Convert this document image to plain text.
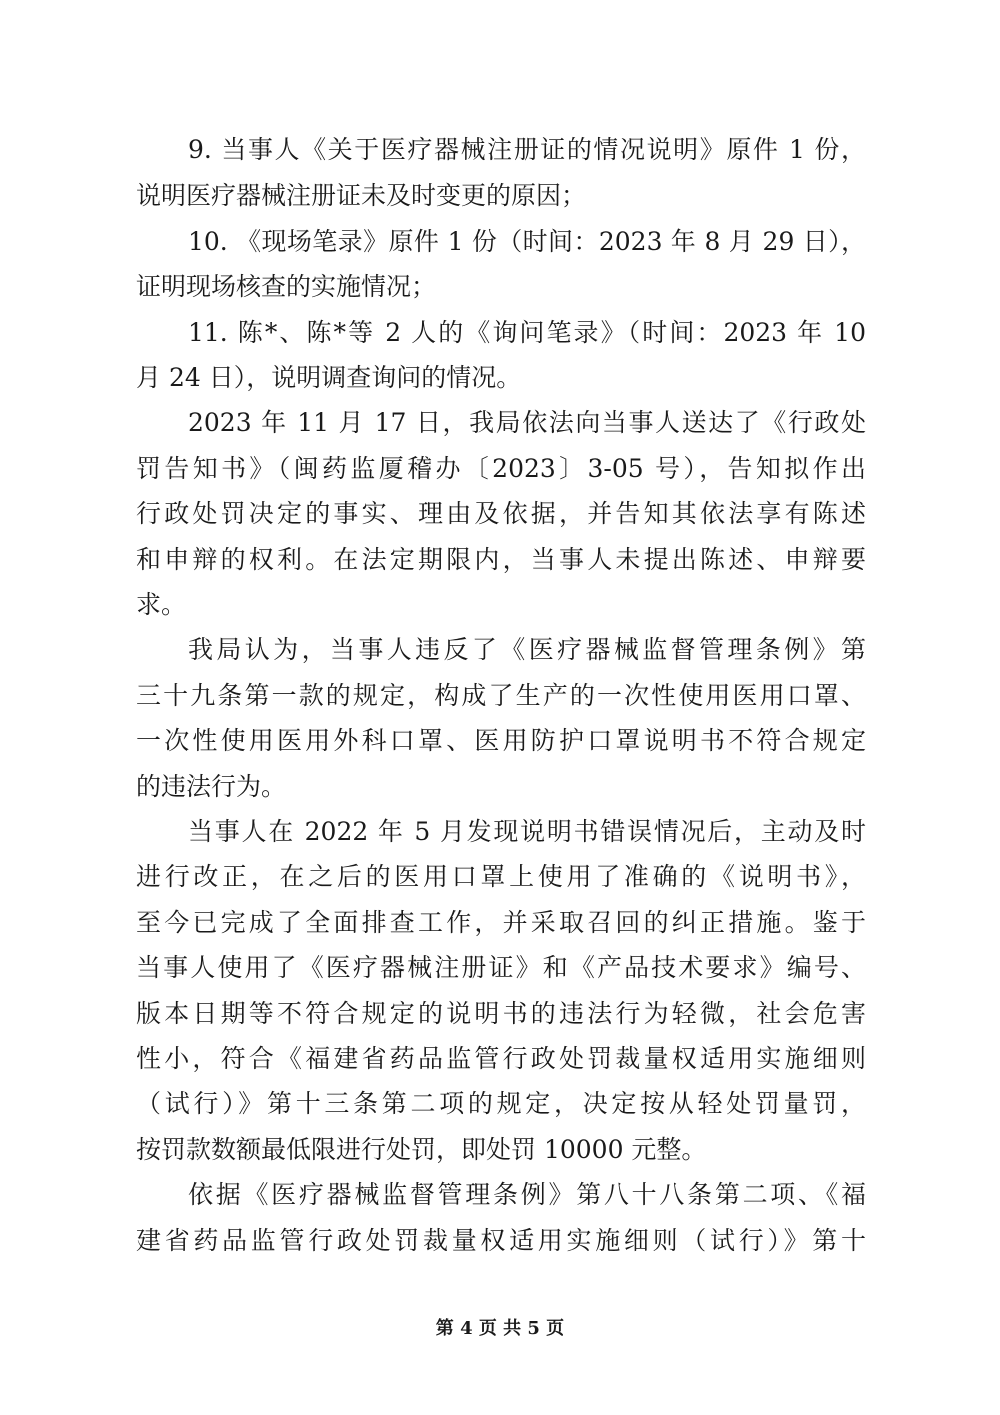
9. 当事人《关于医疗器械注册证的情况说明》原件 1 份，
说明医疗器械注册证未及时变更的原因；
10. 《现场笔录》原件 1 份（时间：2023 年 8 月 29 日），
证明现场核查的实施情况；
11. 陈*、陈*等 2 人的《询问笔录》（时间：2023 年 10
月 24 日），说明调查询问的情况。
2023 年 11 月 17 日，我局依法向当事人送达了《行政处
罚告知书》（闽药监厦稽办〔2023〕3-05 号），告知拟作出
行政处罚决定的事实、理由及依据，并告知其依法享有陈述
和申辩的权利。在法定期限内，当事人未提出陈述、申辩要
求。
我局认为，当事人违反了《医疗器械监督管理条例》第
三十九条第一款的规定，构成了生产的一次性使用医用口罩、
一次性使用医用外科口罩、医用防护口罩说明书不符合规定
的违法行为。
当事人在 2022 年 5 月发现说明书错误情况后，主动及时
进行改正，在之后的医用口罩上使用了准确的《说明书》，
至今已完成了全面排查工作，并采取召回的纠正措施。鉴于
当事人使用了《医疗器械注册证》和《产品技术要求》编号、
版本日期等不符合规定的说明书的违法行为轻微，社会危害
性小，符合《福建省药品监管行政处罚裁量权适用实施细则
（试行）》第十三条第二项的规定，决定按从轻处罚量罚，
按罚款数额最低限进行处罚，即处罚 10000 元整。
依据《医疗器械监督管理条例》第八十八条第二项、《福
建省药品监管行政处罚裁量权适用实施细则（试行）》第十
第 4 页 共 5 页
